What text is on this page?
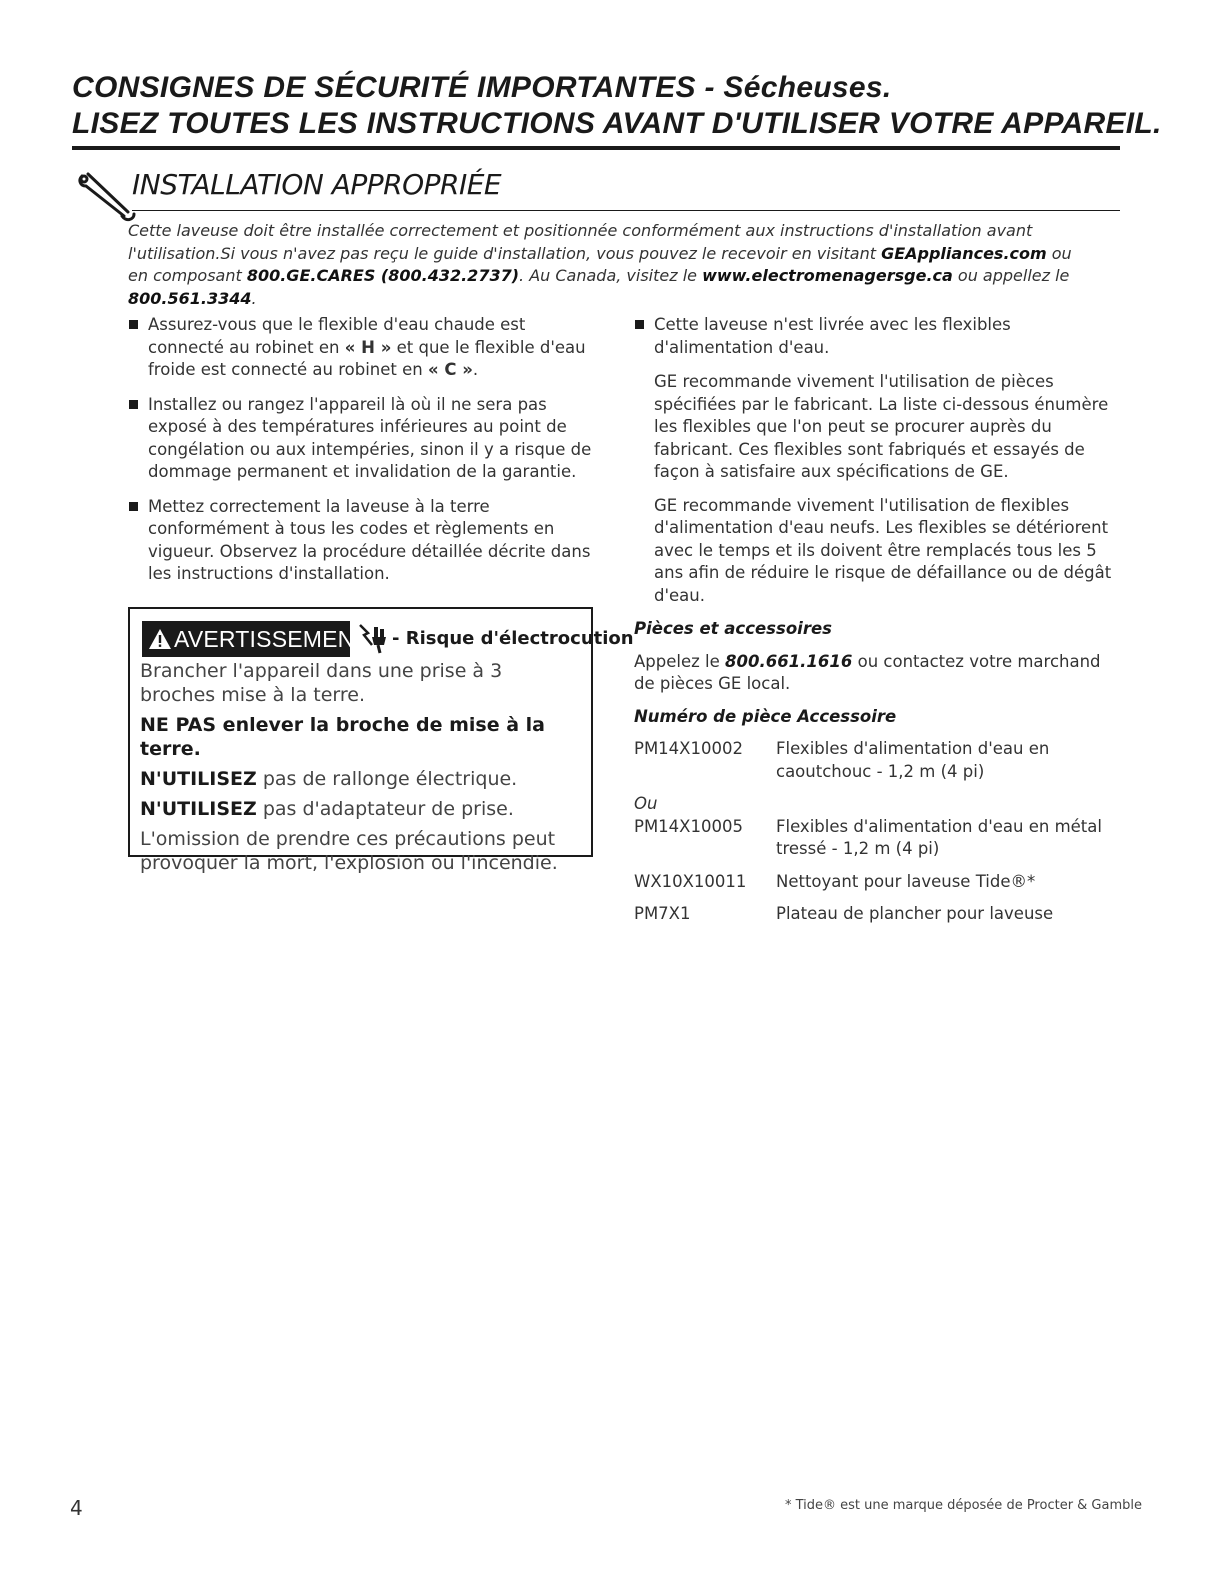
CONSIGNES DE SÉCURITÉ IMPORTANTES - Sécheuses.
LISEZ TOUTES LES INSTRUCTIONS AVANT D'UTILISER VOTRE APPAREIL.
INSTALLATION APPROPRIÉE
Cette laveuse doit être installée correctement et positionnée conformément aux instructions d'installation avant l'utilisation.Si vous n'avez pas reçu le guide d'installation, vous pouvez le recevoir en visitant GEAppliances.com ou en composant 800.GE.CARES (800.432.2737). Au Canada, visitez le www.electromenagersge.ca ou appellez le 800.561.3344.
Assurez-vous que le flexible d'eau chaude est connecté au robinet en « H » et que le flexible d'eau froide est connecté au robinet en « C ».
Installez ou rangez l'appareil là où il ne sera pas exposé à des températures inférieures au point de congélation ou aux intempéries, sinon il y a risque de dommage permanent et invalidation de la garantie.
Mettez correctement la laveuse à la terre conformément à tous les codes et règlements en vigueur. Observez la procédure détaillée décrite dans les instructions d'installation.
AVERTISSEMENT - Risque d'électrocution
Brancher l'appareil dans une prise à 3 broches mise à la terre.
NE PAS enlever la broche de mise à la terre.
N'UTILISEZ pas de rallonge électrique.
N'UTILISEZ pas d'adaptateur de prise.
L'omission de prendre ces précautions peut provoquer la mort, l'explosion ou l'incendie.
Cette laveuse n'est livrée avec les flexibles d'alimentation d'eau.
GE recommande vivement l'utilisation de pièces spécifiées par le fabricant. La liste ci-dessous énumère les flexibles que l'on peut se procurer auprès du fabricant. Ces flexibles sont fabriqués et essayés de façon à satisfaire aux spécifications de GE.
GE recommande vivement l'utilisation de flexibles d'alimentation d'eau neufs. Les flexibles se détériorent avec le temps et ils doivent être remplacés tous les 5 ans afin de réduire le risque de défaillance ou de dégât d'eau.
Pièces et accessoires
Appelez le 800.661.1616 ou contactez votre marchand de pièces GE local.
Numéro de pièce Accessoire
PM14X10002	Flexibles d'alimentation d'eau en caoutchouc - 1,2 m (4 pi)
Ou	
PM14X10005	Flexibles d'alimentation d'eau en métal tressé - 1,2 m (4 pi)
WX10X10011	Nettoyant pour laveuse Tide®*
PM7X1	Plateau de plancher pour laveuse
4	* Tide® est une marque déposée de Procter & Gamble
